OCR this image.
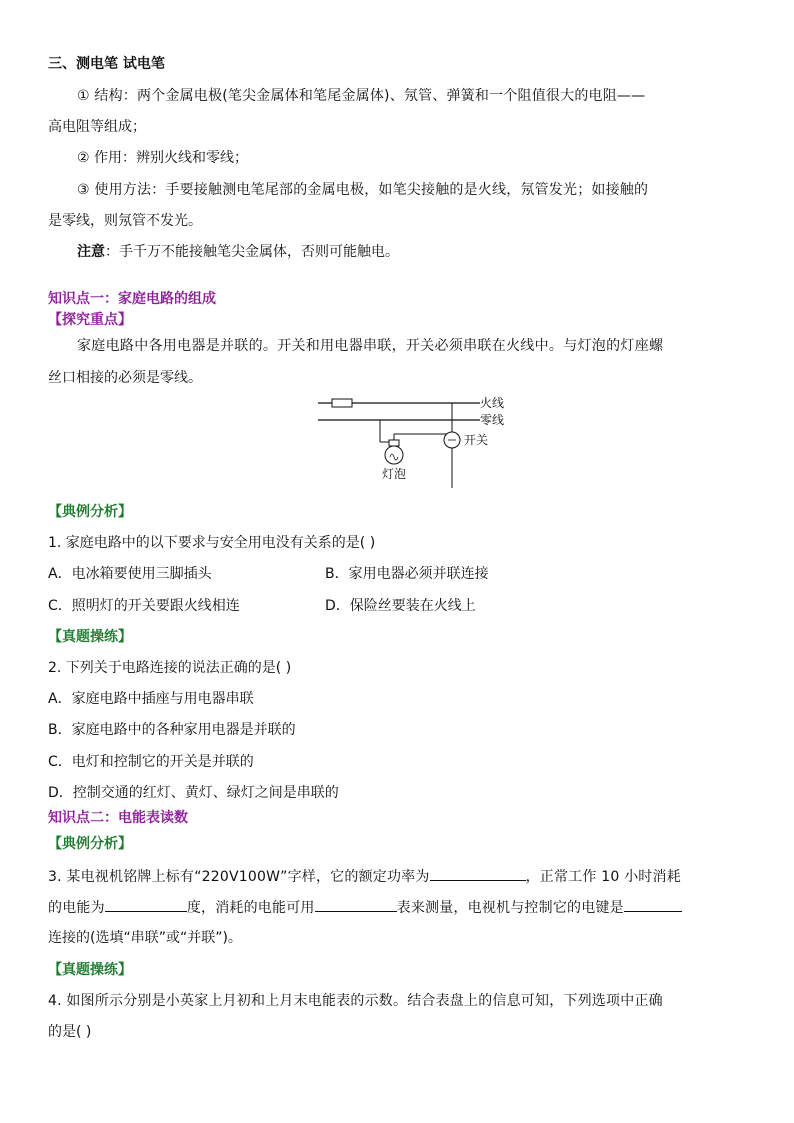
三、测电笔 试电笔
① 结构：两个金属电极(笔尖金属体和笔尾金属体)、氖管、弹簧和一个阻值很大的电阻——
高电阻等组成；
② 作用：辨别火线和零线；
③ 使用方法：手要接触测电笔尾部的金属电极，如笔尖接触的是火线，氖管发光；如接触的
是零线，则氖管不发光。
注意：手千万不能接触笔尖金属体，否则可能触电。
知识点一：家庭电路的组成
【探究重点】
家庭电路中各用电器是并联的。开关和用电器串联，开关必须串联在火线中。与灯泡的灯座螺
丝口相接的必须是零线。
火线
零线
开关
灯泡
【典例分析】
1. 家庭电路中的以下要求与安全用电没有关系的是( )
A．电冰箱要使用三脚插头	B．家用电器必须并联连接
C．照明灯的开关要跟火线相连	D．保险丝要装在火线上
【真题操练】
2. 下列关于电路连接的说法正确的是( )
A．家庭电路中插座与用电器串联
B．家庭电路中的各种家用电器是并联的
C．电灯和控制它的开关是并联的
D．控制交通的红灯、黄灯、绿灯之间是串联的
知识点二：电能表读数
【典例分析】
3. 某电视机铭牌上标有“220V100W”字样，它的额定功率为	，正常工作 10 小时消耗
的电能为	度，消耗的电能可用	表来测量，电视机与控制它的电键是
连接的(选填“串联”或“并联”)。
【真题操练】
4. 如图所示分别是小英家上月初和上月末电能表的示数。结合表盘上的信息可知，下列选项中正确
的是( )
